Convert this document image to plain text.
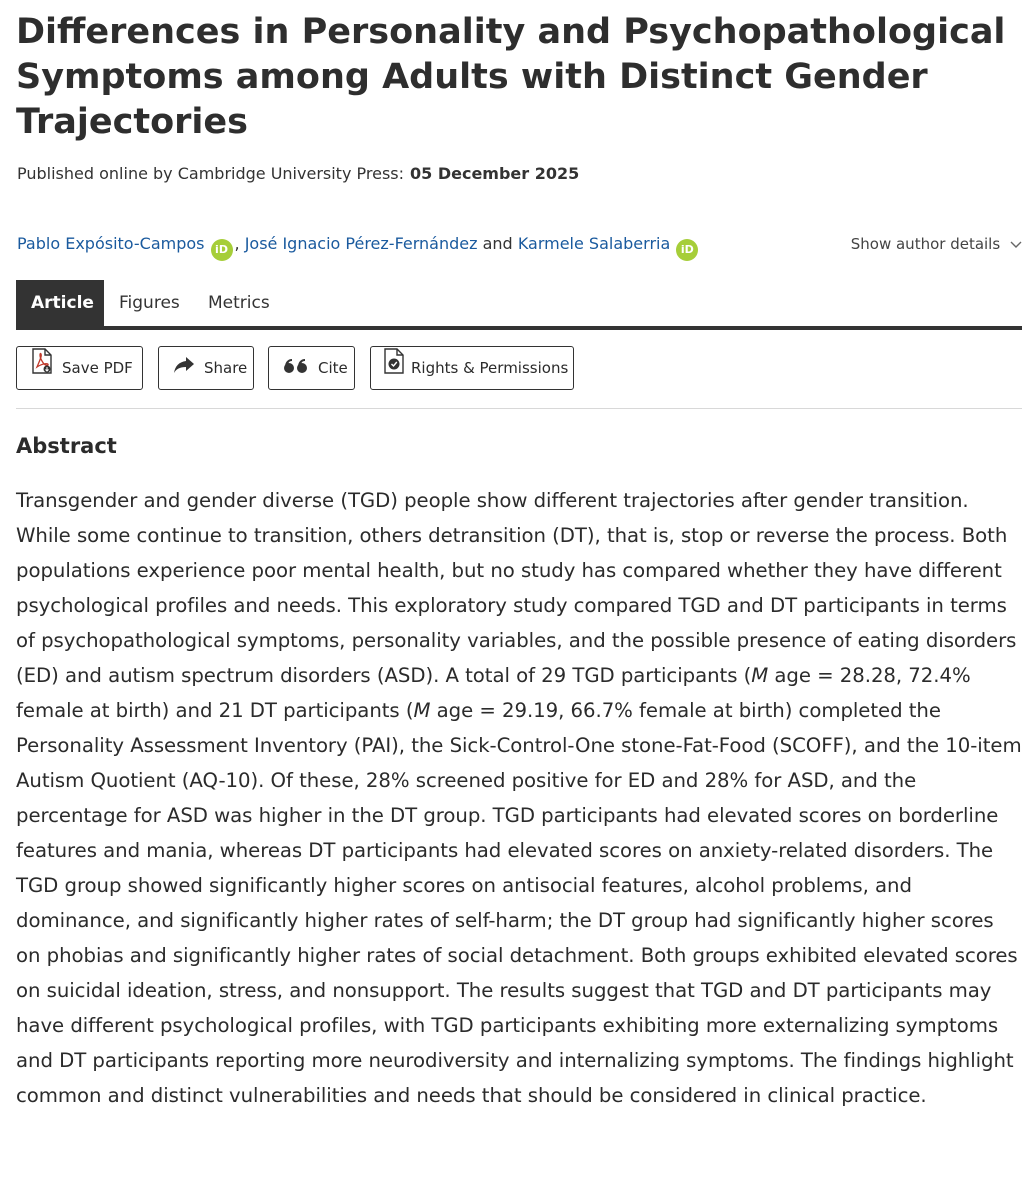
Differences in Personality and Psychopathological Symptoms among Adults with Distinct Gender Trajectories

Published online by Cambridge University Press: 05 December 2025

Pablo Expósito-Campos iD , José Ignacio Pérez-Fernández and Karmele Salaberria iD	Show author details
Article	Figures	Metrics
Save PDF	Share	Cite	Rights & Permissions
Abstract

Transgender and gender diverse (TGD) people show different trajectories after gender transition. While some continue to transition, others detransition (DT), that is, stop or reverse the process. Both populations experience poor mental health, but no study has compared whether they have different psychological profiles and needs. This exploratory study compared TGD and DT participants in terms of psychopathological symptoms, personality variables, and the possible presence of eating disorders (ED) and autism spectrum disorders (ASD). A total of 29 TGD participants (M age = 28.28, 72.4% female at birth) and 21 DT participants (M age = 29.19, 66.7% female at birth) completed the Personality Assessment Inventory (PAI), the Sick-Control-One stone-Fat-Food (SCOFF), and the 10-item Autism Quotient (AQ-10). Of these, 28% screened positive for ED and 28% for ASD, and the percentage for ASD was higher in the DT group. TGD participants had elevated scores on borderline features and mania, whereas DT participants had elevated scores on anxiety-related disorders. The TGD group showed significantly higher scores on antisocial features, alcohol problems, and dominance, and significantly higher rates of self-harm; the DT group had significantly higher scores on phobias and significantly higher rates of social detachment. Both groups exhibited elevated scores on suicidal ideation, stress, and nonsupport. The results suggest that TGD and DT participants may have different psychological profiles, with TGD participants exhibiting more externalizing symptoms and DT participants reporting more neurodiversity and internalizing symptoms. The findings highlight common and distinct vulnerabilities and needs that should be considered in clinical practice.
